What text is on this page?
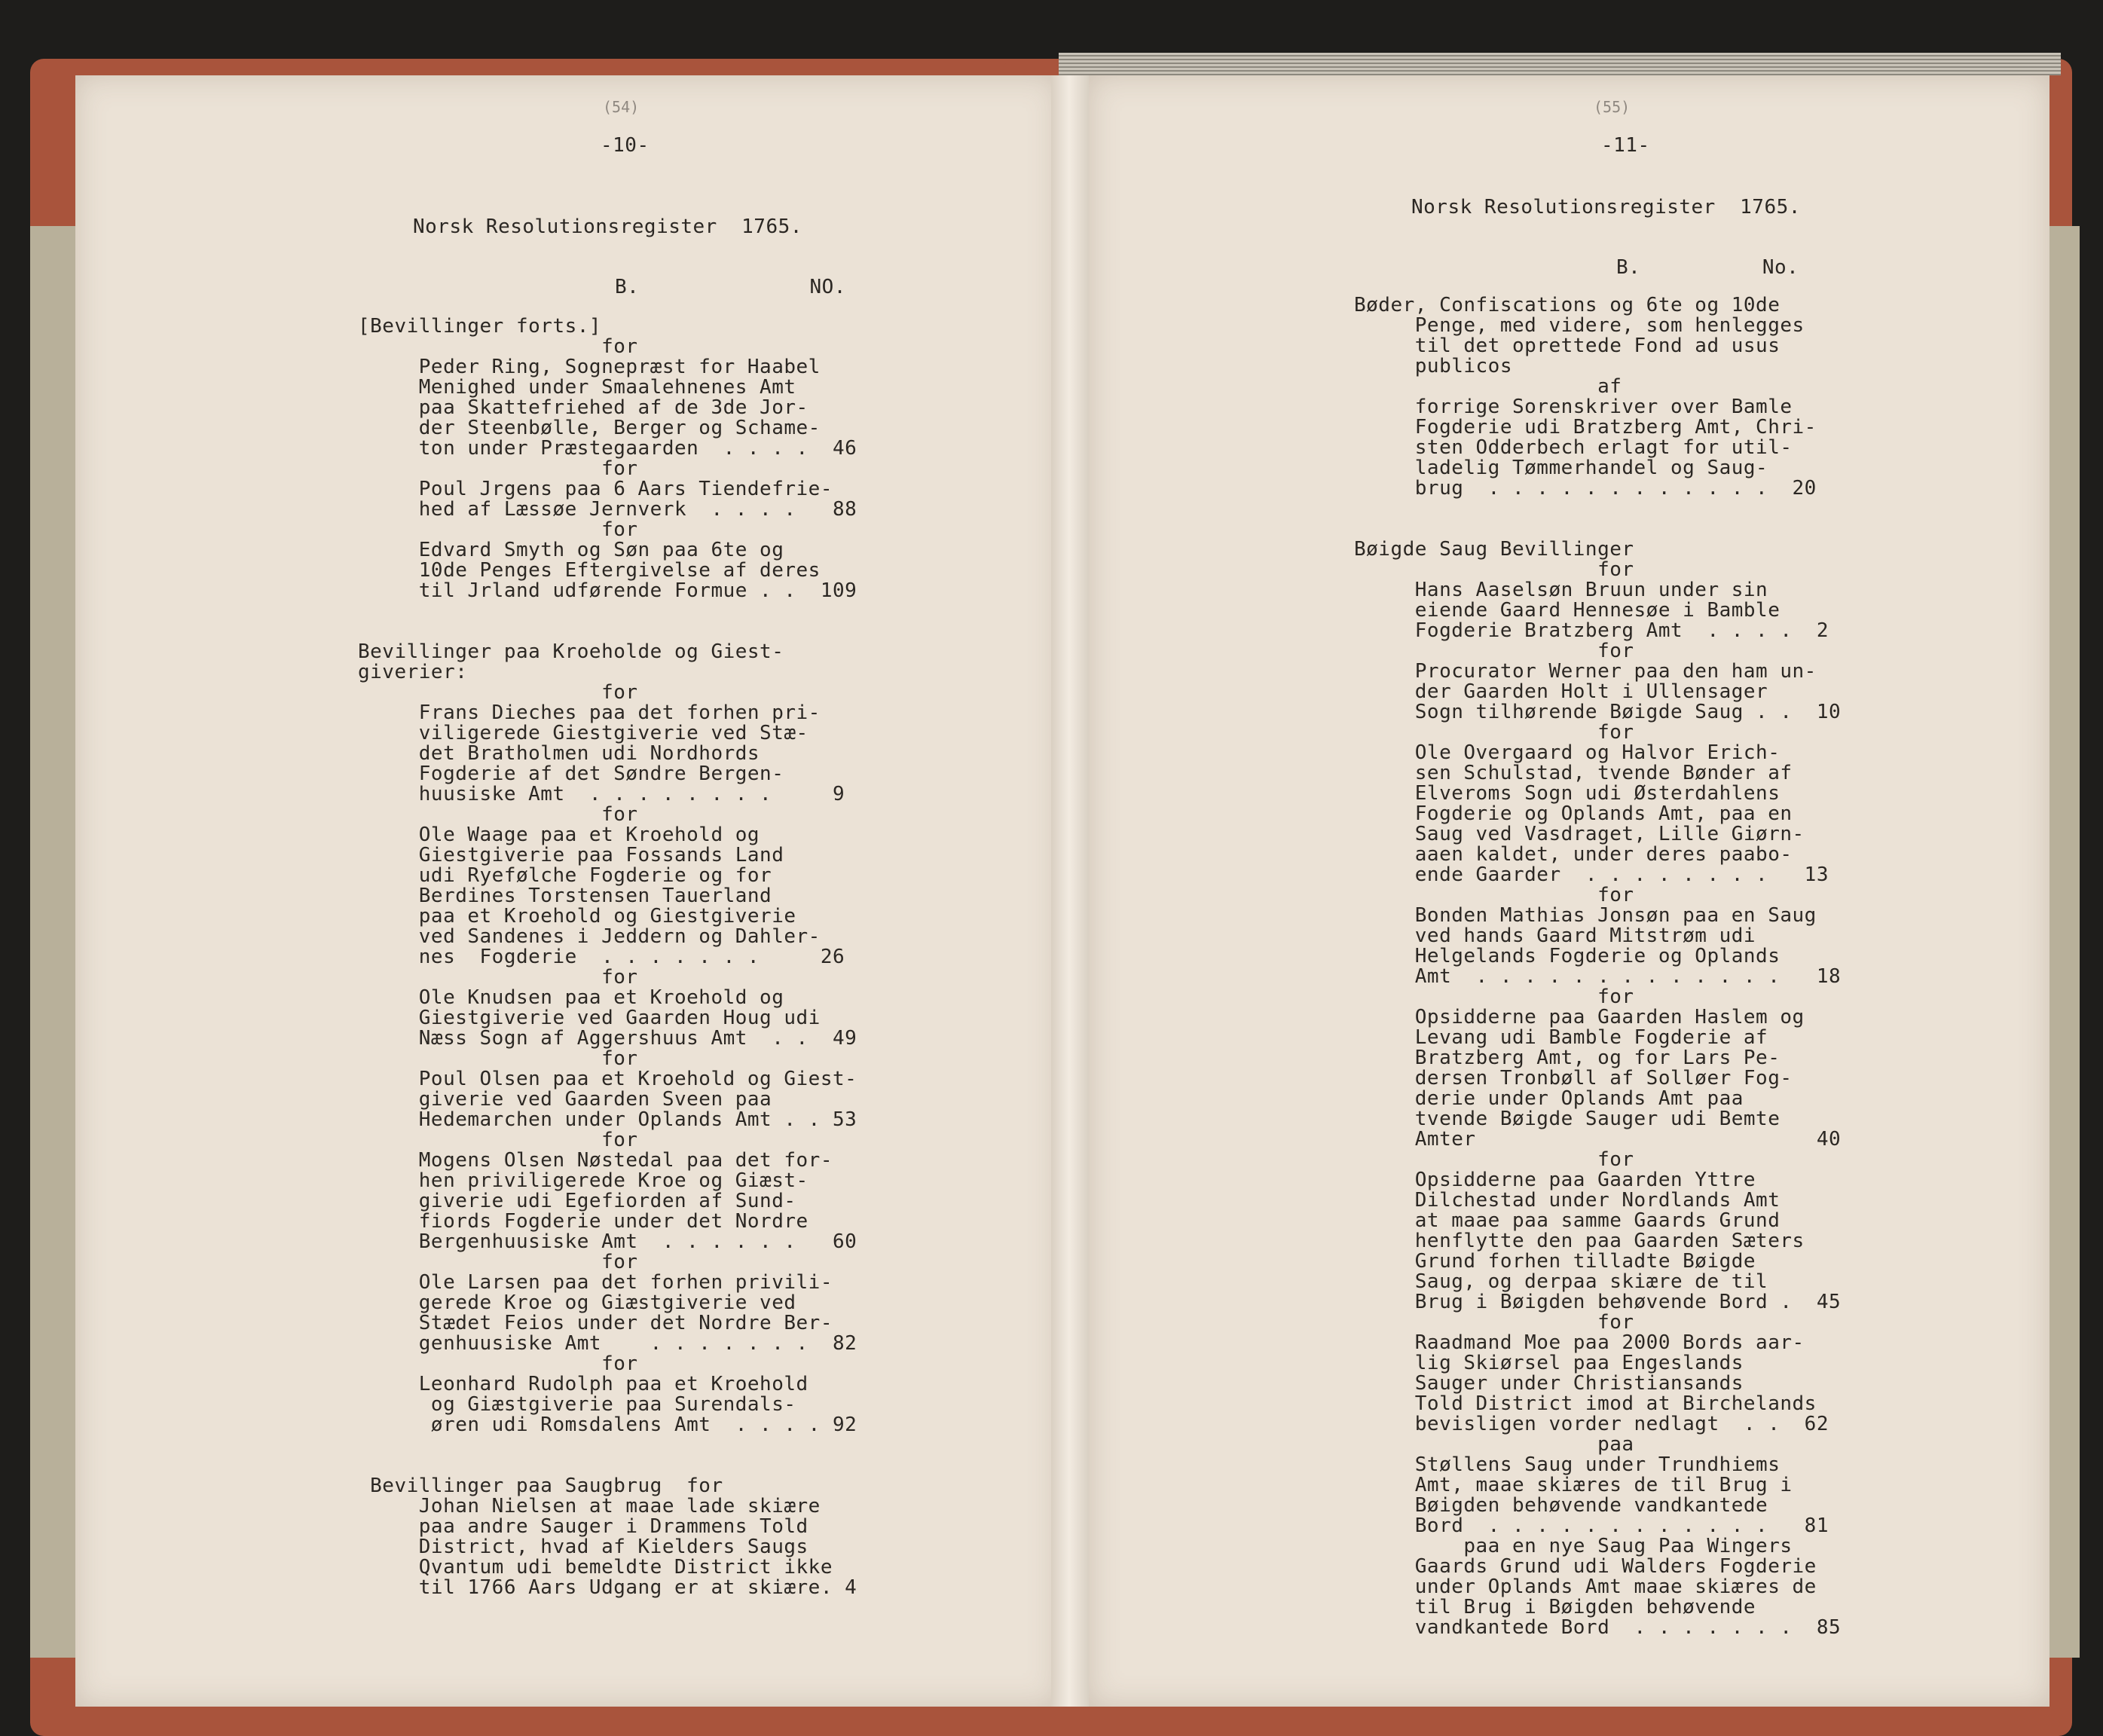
(54)
-10-
Norsk Resolutionsregister  1765.
B.              NO.
[Bevillinger forts.]
for
Peder Ring, Sognepræst for Haabel
Menighed under Smaalehnenes Amt
paa Skattefriehed af de 3de Jor-
der Steenbølle, Berger og Schame-
ton under Præstegaarden  . . . .  46
for
Poul Jrgens paa 6 Aars Tiendefrie-
hed af Læssøe Jernverk  . . . .   88
for
Edvard Smyth og Søn paa 6te og
10de Penges Eftergivelse af deres
til Jrland udførende Formue . .  109

Bevillinger paa Kroeholde og Giest-
giverier:
for
Frans Dieches paa det forhen pri-
viligerede Giestgiverie ved Stæ-
det Bratholmen udi Nordhords
Fogderie af det Søndre Bergen-
huusiske Amt  . . . . . . . .     9
for
Ole Waage paa et Kroehold og
Giestgiverie paa Fossands Land
udi Ryefølche Fogderie og for
Berdines Torstensen Tauerland
paa et Kroehold og Giestgiverie
ved Sandenes i Jeddern og Dahler-
nes  Fogderie  . . . . . . .     26
for
Ole Knudsen paa et Kroehold og
Giestgiverie ved Gaarden Houg udi
Næss Sogn af Aggershuus Amt  . .  49
for
Poul Olsen paa et Kroehold og Giest-
giverie ved Gaarden Sveen paa
Hedemarchen under Oplands Amt . . 53
for
Mogens Olsen Nøstedal paa det for-
hen priviligerede Kroe og Giæst-
giverie udi Egefiorden af Sund-
fiords Fogderie under det Nordre
Bergenhuusiske Amt  . . . . . .   60
for
Ole Larsen paa det forhen privili-
gerede Kroe og Giæstgiverie ved
Stædet Feios under det Nordre Ber-
genhuusiske Amt    . . . . . . .  82
for
Leonhard Rudolph paa et Kroehold
og Giæstgiverie paa Surendals-
øren udi Romsdalens Amt  . . . . 92

Bevillinger paa Saugbrug  for
Johan Nielsen at maae lade skiære
paa andre Sauger i Drammens Told
District, hvad af Kielders Saugs
Qvantum udi bemeldte District ikke
til 1766 Aars Udgang er at skiære. 4
(55)
-11-
Norsk Resolutionsregister  1765.
B.          No.
Bøder, Confiscations og 6te og 10de
Penge, med videre, som henlegges
til det oprettede Fond ad usus
publicos
af
forrige Sorenskriver over Bamle
Fogderie udi Bratzberg Amt, Chri-
sten Odderbech erlagt for util-
ladelig Tømmerhandel og Saug-
brug  . . . . . . . . . . . .  20

Bøigde Saug Bevillinger
for
Hans Aaselsøn Bruun under sin
eiende Gaard Hennesøe i Bamble
Fogderie Bratzberg Amt  . . . .  2
for
Procurator Werner paa den ham un-
der Gaarden Holt i Ullensager
Sogn tilhørende Bøigde Saug . .  10
for
Ole Overgaard og Halvor Erich-
sen Schulstad, tvende Bønder af
Elveroms Sogn udi Østerdahlens
Fogderie og Oplands Amt, paa en
Saug ved Vasdraget, Lille Giørn-
aaen kaldet, under deres paabo-
ende Gaarder  . . . . . . . .   13
for
Bonden Mathias Jonsøn paa en Saug
ved hands Gaard Mitstrøm udi
Helgelands Fogderie og Oplands
Amt  . . . . . . . . . . . . .   18
for
Opsidderne paa Gaarden Haslem og
Levang udi Bamble Fogderie af
Bratzberg Amt, og for Lars Pe-
dersen Tronbøll af Solløer Fog-
derie under Oplands Amt paa
tvende Bøigde Sauger udi Bemte
Amter                            40
for
Opsidderne paa Gaarden Yttre
Dilchestad under Nordlands Amt
at maae paa samme Gaards Grund
henflytte den paa Gaarden Sæters
Grund forhen tilladte Bøigde
Saug, og derpaa skiære de til
Brug i Bøigden behøvende Bord .  45
for
Raadmand Moe paa 2000 Bords aar-
lig Skiørsel paa Engeslands
Sauger under Christiansands
Told District imod at Birchelands
bevisligen vorder nedlagt  . .  62
paa
Støllens Saug under Trundhiems
Amt, maae skiæres de til Brug i
Bøigden behøvende vandkantede
Bord  . . . . . . . . . . . .   81
paa en nye Saug Paa Wingers
Gaards Grund udi Walders Fogderie
under Oplands Amt maae skiæres de
til Brug i Bøigden behøvende
vandkantede Bord  . . . . . . .  85
